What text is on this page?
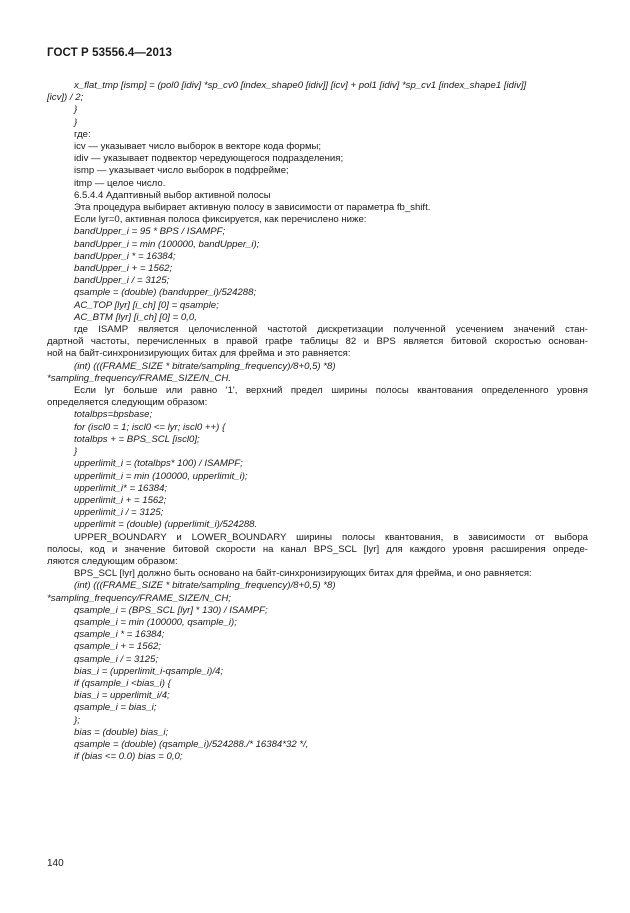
ГОСТ Р 53556.4—2013
x_flat_tmp [ismp] = (pol0 [idiv] *sp_cv0 [index_shape0 [idiv]] [icv] + pol1 [idiv] *sp_cv1 [index_shape1 [idiv]]
[icv]) / 2;
}
}
где:
icv — указывает число выборок в векторе кода формы;
idiv — указывает подвектор чередующегося подразделения;
ismp — указывает число выборок в подфрейме;
itmp — целое число.
6.5.4.4 Адаптивный выбор активной полосы
Эта процедура выбирает активную полосу в зависимости от параметра fb_shift.
Если lyr=0, активная полоса фиксируется, как перечислено ниже:
bandUpper_i = 95 * BPS / ISAMPF;
bandUpper_i = min (100000, bandUpper_i);
bandUpper_i * = 16384;
bandUpper_i + = 1562;
bandUpper_i / = 3125;
qsample = (double) (bandupper_i)/524288;
AC_TOP [lyr] [i_ch] [0] = qsample;
AC_BTM [lyr] [i_ch] [0] = 0,0,
где ISAMP является целочисленной частотой дискретизации полученной усечением значений стан-
дартной частоты, перечисленных в правой графе таблицы 82 и BPS является битовой скоростью основан-
ной на байт-синхронизирующих битах для фрейма и это равняется:
(int) (((FRAME_SIZE * bitrate/sampling_frequency)/8+0,5) *8)
*sampling_frequency/FRAME_SIZE/N_CH.
Если lyr больше или равно '1', верхний предел ширины полосы квантования определенного уровня
определяется следующим образом:
totalbps=bpsbase;
for (iscl0 = 1; iscl0 <= lyr; iscl0 ++) {
totalbps + = BPS_SCL [iscl0];
}
upperlimit_i = (totalbps* 100) / ISAMPF;
upperlimit_i = min (100000, upperlimit_i);
upperlimit_i* = 16384;
upperlimit_i + = 1562;
upperlimit_i / = 3125;
upperlimit = (double) (upperlimit_i)/524288.
UPPER_BOUNDARY и LOWER_BOUNDARY ширины полосы квантования, в зависимости от выбора
полосы, код и значение битовой скорости на канал BPS_SCL [lyr] для каждого уровня расширения опреде-
ляются следующим образом:
BPS_SCL [lyr] должно быть основано на байт-синхронизирующих битах для фрейма, и оно равняется:
(int) (((FRAME_SIZE * bitrate/sampling_frequency)/8+0,5) *8)
*sampling_frequency/FRAME_SIZE/N_CH;
qsample_i = (BPS_SCL [lyr] * 130) / ISAMPF;
qsample_i = min (100000, qsample_i);
qsample_i * = 16384;
qsample_i + = 1562;
qsample_i / = 3125;
bias_i = (upperlimit_i-qsample_i)/4;
if (qsample_i <bias_i) {
bias_i = upperlimit_i/4;
qsample_i = bias_i;
};
bias = (double) bias_i;
qsample = (double) (qsample_i)/524288./* 16384*32 */,
if (bias <= 0.0) bias = 0,0;
140
